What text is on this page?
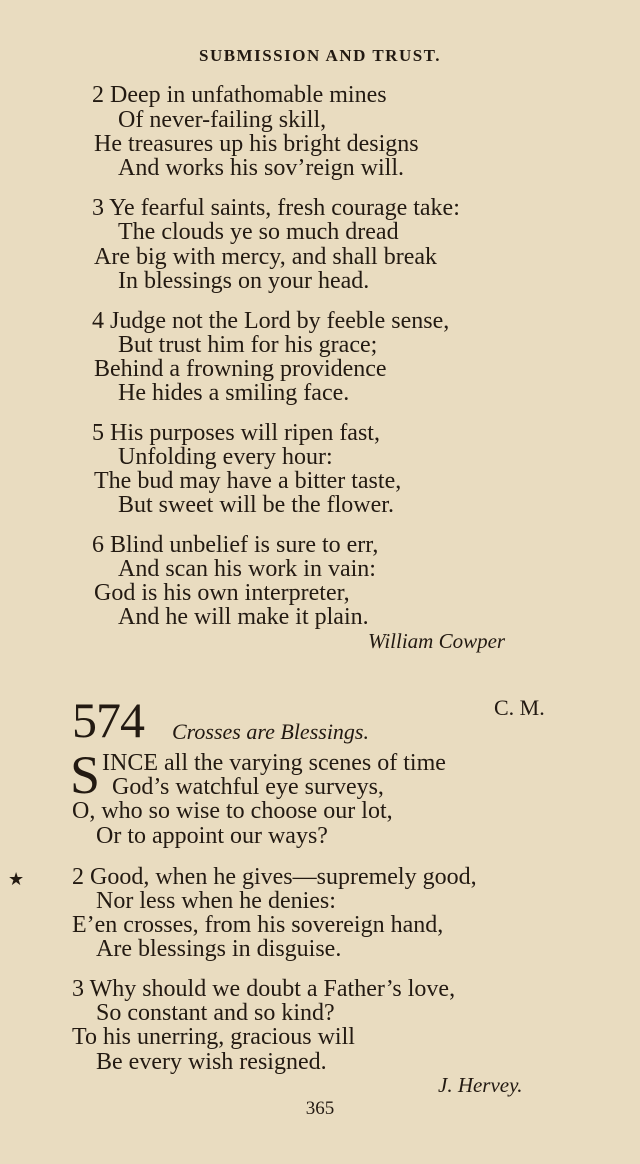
SUBMISSION AND TRUST.
2 Deep in unfathomable mines
Of never-failing skill,
He treasures up his bright designs
And works his sov’reign will.
3 Ye fearful saints, fresh courage take:
The clouds ye so much dread
Are big with mercy, and shall break
In blessings on your head.
4 Judge not the Lord by feeble sense,
But trust him for his grace;
Behind a frowning providence
He hides a smiling face.
5 His purposes will ripen fast,
Unfolding every hour:
The bud may have a bitter taste,
But sweet will be the flower.
6 Blind unbelief is sure to err,
And scan his work in vain:
God is his own interpreter,
And he will make it plain.
William Cowper
574 Crosses are Blessings.
C. M.
S INCE all the varying scenes of time
God’s watchful eye surveys,
O, who so wise to choose our lot,
Or to appoint our ways?
★ 2 Good, when he gives—supremely good,
Nor less when he denies:
E’en crosses, from his sovereign hand,
Are blessings in disguise.
3 Why should we doubt a Father’s love,
So constant and so kind?
To his unerring, gracious will
Be every wish resigned.
J. Hervey.
365
